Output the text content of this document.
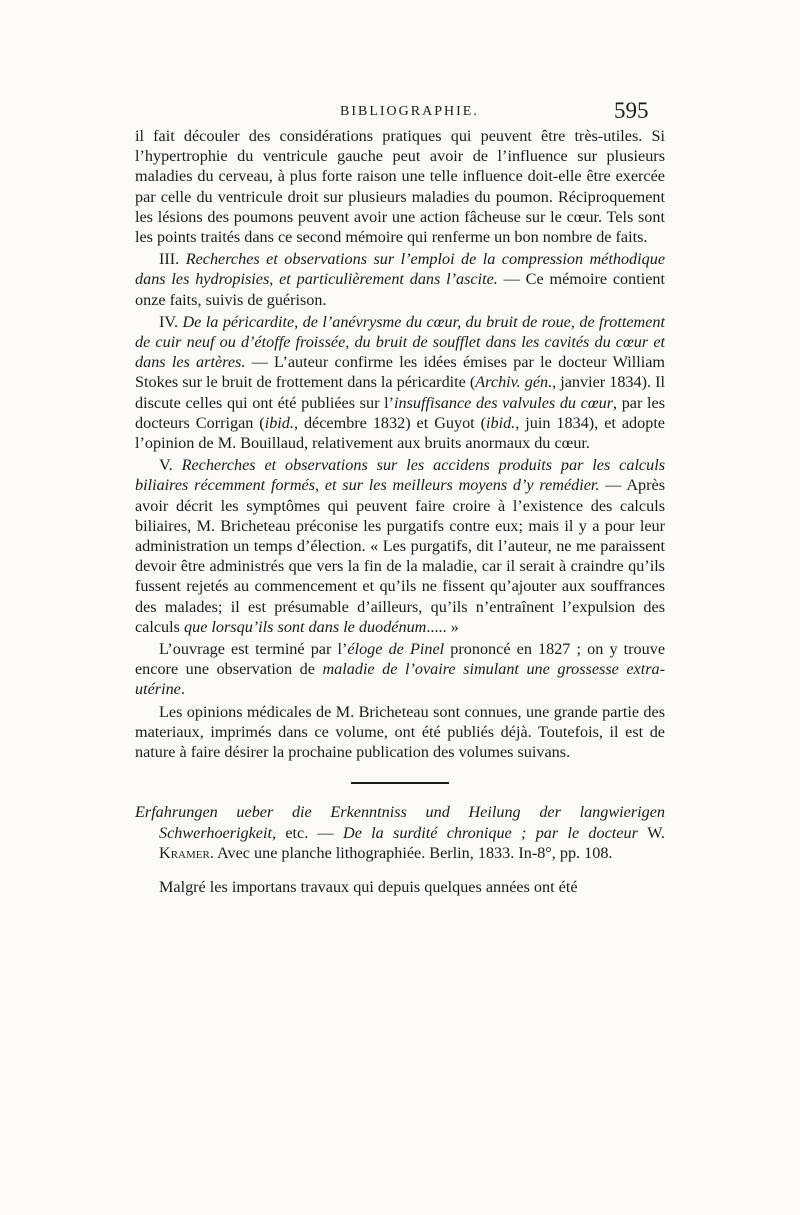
BIBLIOGRAPHIE.	595

il fait découler des considérations pratiques qui peuvent être très-utiles. Si l’hypertrophie du ventricule gauche peut avoir de l’influence sur plusieurs maladies du cerveau, à plus forte raison une telle influence doit-elle être exercée par celle du ventricule droit sur plusieurs maladies du poumon. Réciproquement les lésions des poumons peuvent avoir une action fâcheuse sur le cœur. Tels sont les points traités dans ce second mémoire qui renferme un bon nombre de faits.

III. Recherches et observations sur l’emploi de la compression méthodique dans les hydropisies, et particulièrement dans l’ascite. — Ce mémoire contient onze faits, suivis de guérison.

IV. De la péricardite, de l’anévrysme du cœur, du bruit de roue, de frottement de cuir neuf ou d’étoffe froissée, du bruit de soufflet dans les cavités du cœur et dans les artères. — L’auteur confirme les idées émises par le docteur William Stokes sur le bruit de frottement dans la péricardite (Archiv. gén., janvier 1834). Il discute celles qui ont été publiées sur l’insuffisance des valvules du cœur, par les docteurs Corrigan (ibid., décembre 1832) et Guyot (ibid., juin 1834), et adopte l’opinion de M. Bouillaud, relativement aux bruits anormaux du cœur.

V. Recherches et observations sur les accidens produits par les calculs biliaires récemment formés, et sur les meilleurs moyens d’y remédier. — Après avoir décrit les symptômes qui peuvent faire croire à l’existence des calculs biliaires, M. Bricheteau préconise les purgatifs contre eux; mais il y a pour leur administration un temps d’élection. « Les purgatifs, dit l’auteur, ne me paraissent devoir être administrés que vers la fin de la maladie, car il serait à craindre qu’ils fussent rejetés au commencement et qu’ils ne fissent qu’ajouter aux souffrances des malades; il est présumable d’ailleurs, qu’ils n’entraînent l’expulsion des calculs que lorsqu’ils sont dans le duodénum..... »

L’ouvrage est terminé par l’éloge de Pinel prononcé en 1827 ; on y trouve encore une observation de maladie de l’ovaire simulant une grossesse extra-utérine.

Les opinions médicales de M. Bricheteau sont connues, une grande partie des materiaux, imprimés dans ce volume, ont été publiés déjà. Toutefois, il est de nature à faire désirer la prochaine publication des volumes suivans.

Erfahrungen ueber die Erkenntniss und Heilung der langwierigen Schwerhoerigkeit, etc. — De la surdité chronique ; par le docteur W. Kramer. Avec une planche lithographiée. Berlin, 1833. In-8°, pp. 108.

Malgré les importans travaux qui depuis quelques années ont été
